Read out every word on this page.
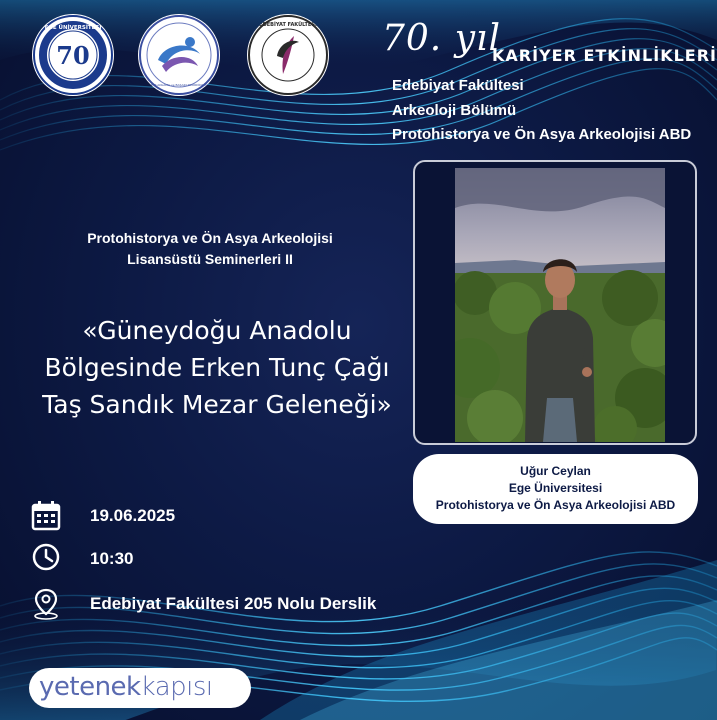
70
1955
EGE ÜNİVERSİTESİ
KARİYER PLANLAMA ve BAŞARI KOORDİNATÖRLÜĞÜ
EDEBİYAT FAKÜLTESİ 70. yıl
KARİYER ETKİNLİKLERİ
Edebiyat Fakültesi
Arkeoloji Bölümü
Protohistorya ve Ön Asya Arkeolojisi ABD
Protohistorya ve Ön Asya Arkeolojisi
Lisansüstü Seminerleri II
«Güneydoğu Anadolu
Bölgesinde Erken Tunç Çağı
Taş Sandık Mezar Geleneği»
Uğur Ceylan
Ege Üniversitesi
Protohistorya ve Ön Asya Arkeolojisi ABD
19.06.2025
10:30
Edebiyat Fakültesi 205 Nolu Derslik
yetenekkapısı
